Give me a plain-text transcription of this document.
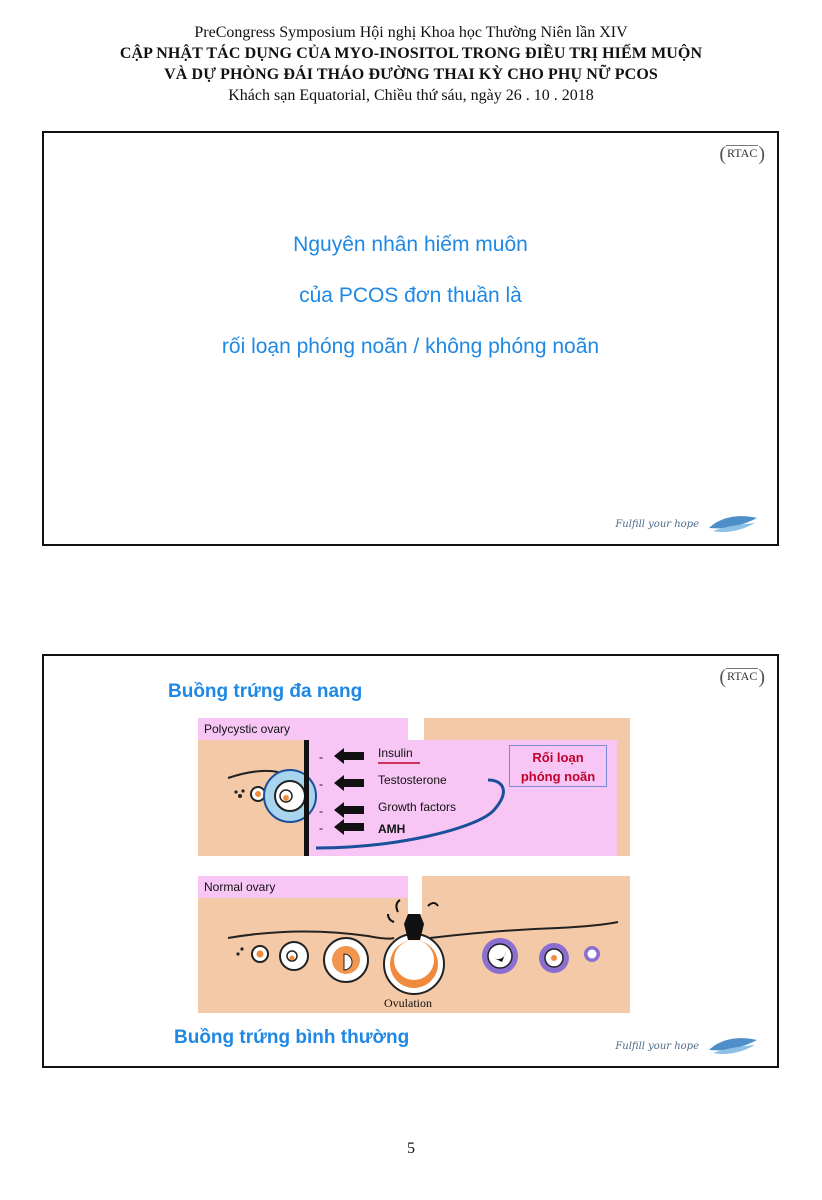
PreCongress Symposium Hội nghị Khoa học Thường Niên lần XIV
CẬP NHẬT TÁC DỤNG CỦA MYO-INOSITOL TRONG ĐIỀU TRỊ HIẾM MUỘN
VÀ DỰ PHÒNG ĐÁI THÁO ĐƯỜNG THAI KỲ CHO PHỤ NỮ PCOS
Khách sạn Equatorial, Chiều thứ sáu, ngày 26 . 10 . 2018
(RTAC)
Nguyên nhân hiếm muôn
của PCOS đơn thuần là
rối loạn phóng noãn / không phóng noãn
Fulfill your hope
(RTAC)
Buồng trứng đa nang
Polycystic ovary
-
-
-
-
Insulin
Testosterone
Growth factors
AMH
Rối loạn
phóng noãn
Normal ovary
Ovulation
Buồng trứng bình thường	Fulfill your hope
5
